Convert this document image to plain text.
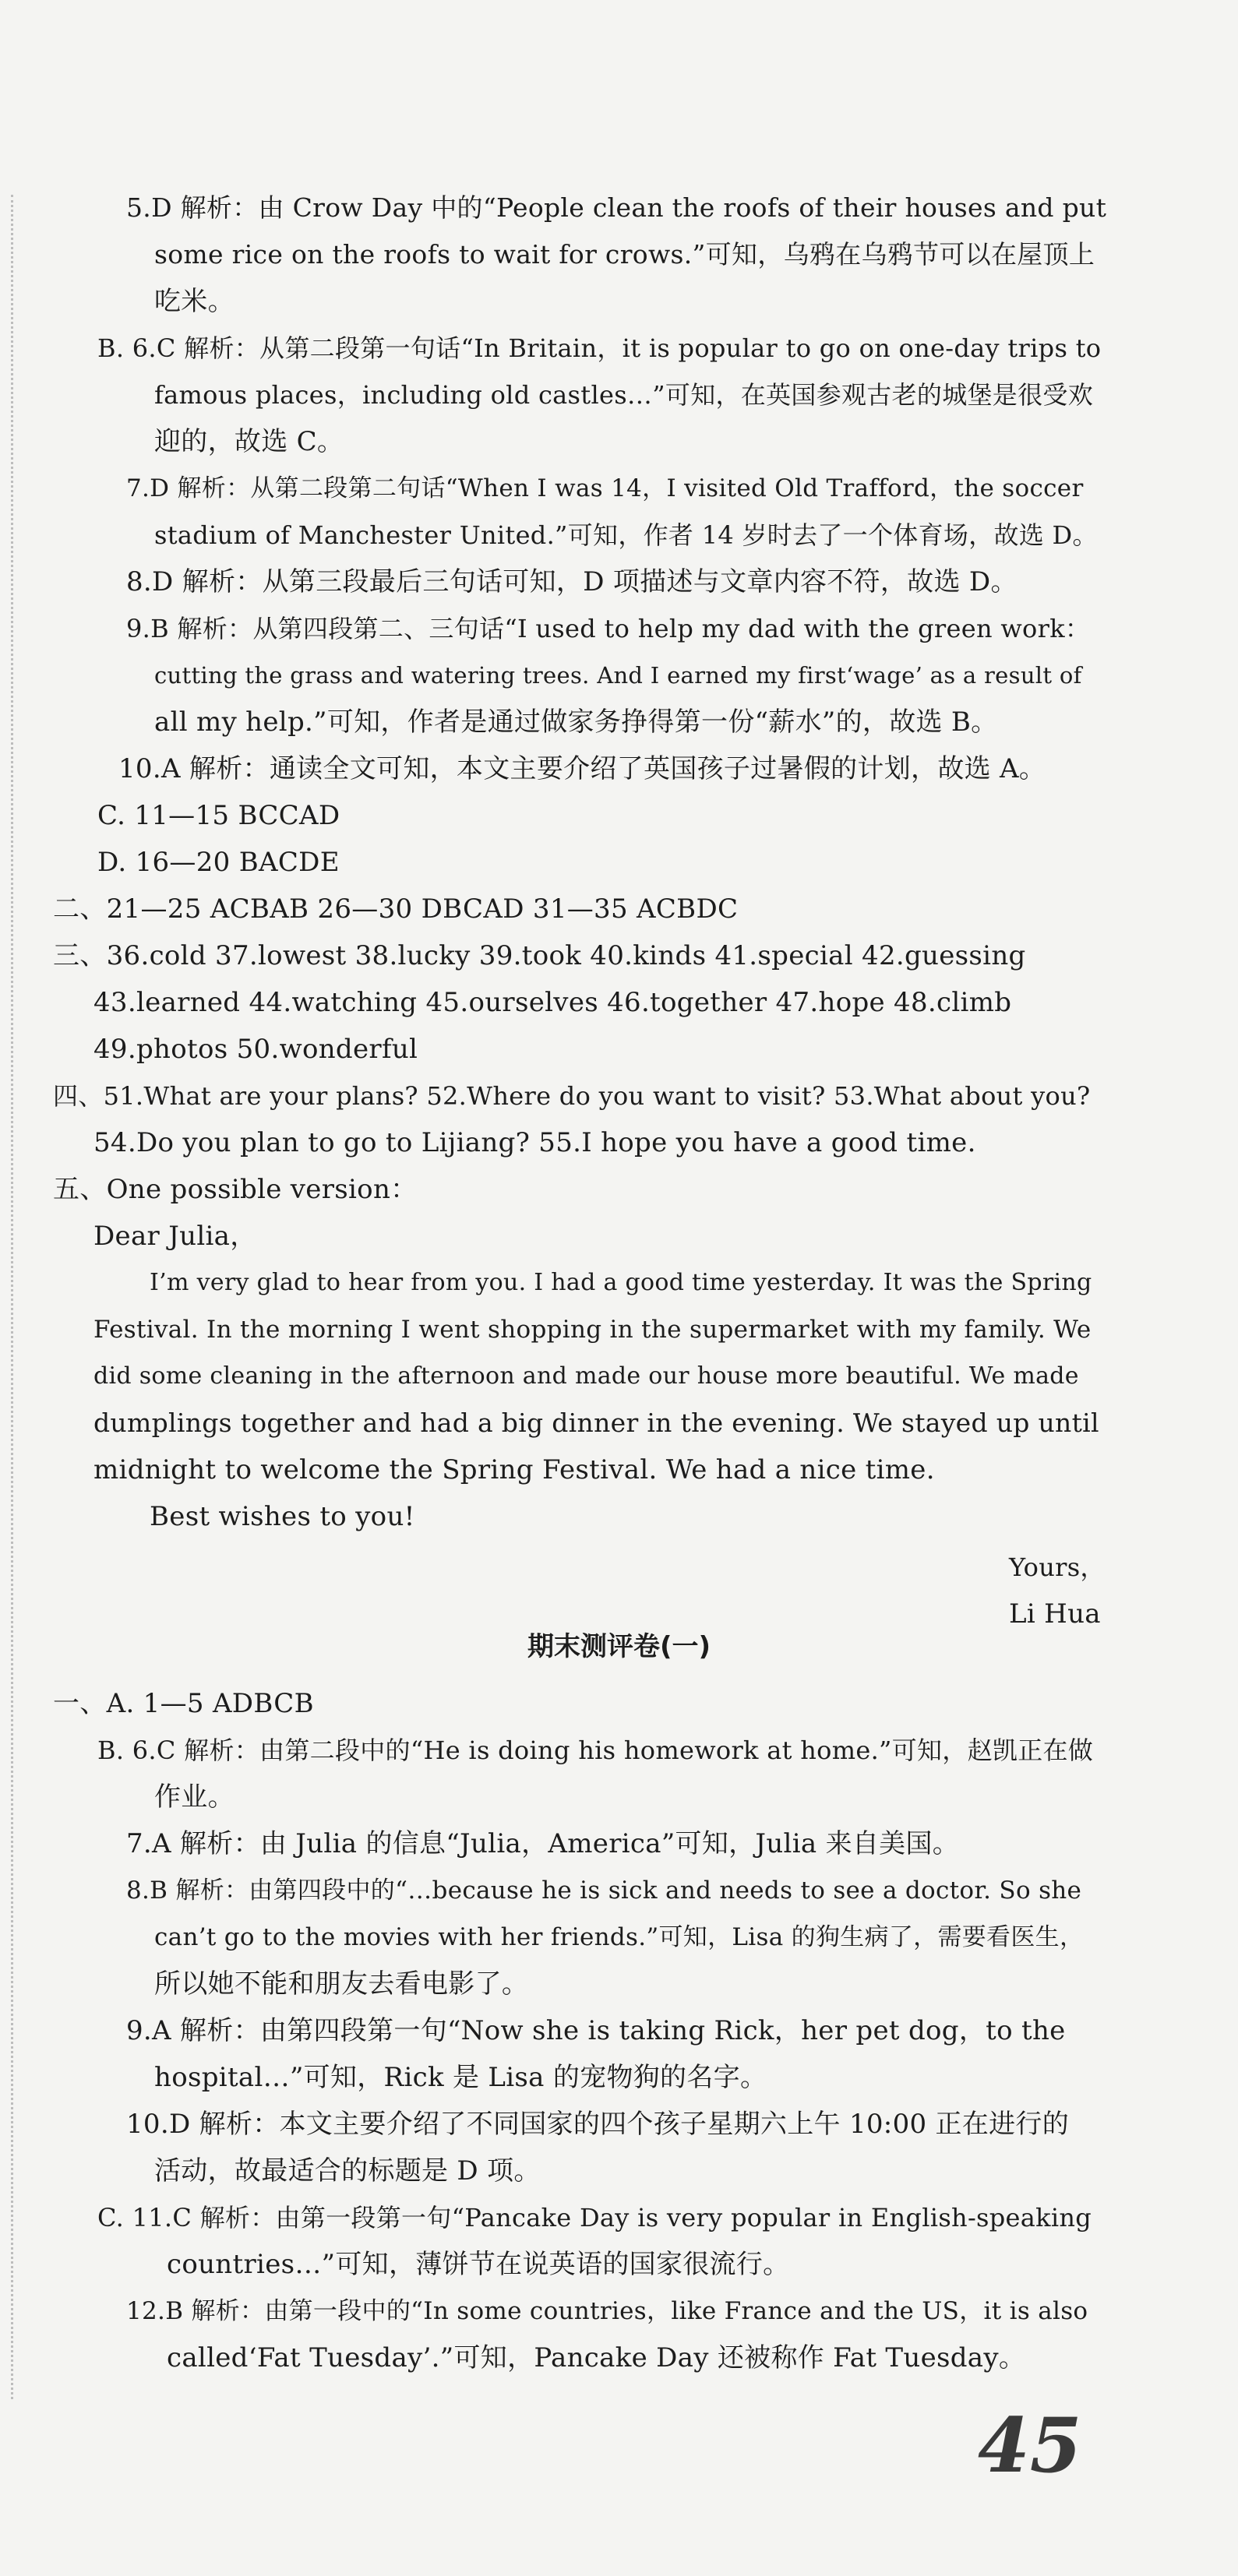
5.D 解析：由 Crow Day 中的“People clean the roofs of their houses and put
some rice on the roofs to wait for crows.”可知，乌鸦在乌鸦节可以在屋顶上
吃米。
B. 6.C 解析：从第二段第一句话“In Britain，it is popular to go on one-day trips to
famous places，including old castles…”可知，在英国参观古老的城堡是很受欢
迎的，故选 C。
7.D 解析：从第二段第二句话“When I was 14，I visited Old Trafford，the soccer
stadium of Manchester United.”可知，作者 14 岁时去了一个体育场，故选 D。
8.D 解析：从第三段最后三句话可知，D 项描述与文章内容不符，故选 D。
9.B 解析：从第四段第二、三句话“I used to help my dad with the green work：
cutting the grass and watering trees. And I earned my first‘wage’ as a result of
all my help.”可知，作者是通过做家务挣得第一份“薪水”的，故选 B。
10.A 解析：通读全文可知，本文主要介绍了英国孩子过暑假的计划，故选 A。
C. 11—15 BCCAD
D. 16—20 BACDE
二、21—25 ACBAB 26—30 DBCAD 31—35 ACBDC
三、36.cold 37.lowest 38.lucky 39.took 40.kinds 41.special 42.guessing
43.learned 44.watching 45.ourselves 46.together 47.hope 48.climb
49.photos 50.wonderful
四、51.What are your plans? 52.Where do you want to visit? 53.What about you?
54.Do you plan to go to Lijiang? 55.I hope you have a good time.
五、One possible version：
Dear Julia，
I’m very glad to hear from you. I had a good time yesterday. It was the Spring
Festival. In the morning I went shopping in the supermarket with my family. We
did some cleaning in the afternoon and made our house more beautiful. We made
dumplings together and had a big dinner in the evening. We stayed up until
midnight to welcome the Spring Festival. We had a nice time.
Best wishes to you!
Yours，
Li Hua
期末测评卷(一)
一、A. 1—5 ADBCB
B. 6.C 解析：由第二段中的“He is doing his homework at home.”可知，赵凯正在做
作业。
7.A 解析：由 Julia 的信息“Julia，America”可知，Julia 来自美国。
8.B 解析：由第四段中的“…because he is sick and needs to see a doctor. So she
can’t go to the movies with her friends.”可知，Lisa 的狗生病了，需要看医生，
所以她不能和朋友去看电影了。
9.A 解析：由第四段第一句“Now she is taking Rick，her pet dog，to the
hospital…”可知，Rick 是 Lisa 的宠物狗的名字。
10.D 解析：本文主要介绍了不同国家的四个孩子星期六上午 10:00 正在进行的
活动，故最适合的标题是 D 项。
C. 11.C 解析：由第一段第一句“Pancake Day is very popular in English-speaking
countries…”可知，薄饼节在说英语的国家很流行。
12.B 解析：由第一段中的“In some countries，like France and the US，it is also
called‘Fat Tuesday’.”可知，Pancake Day 还被称作 Fat Tuesday。
45
